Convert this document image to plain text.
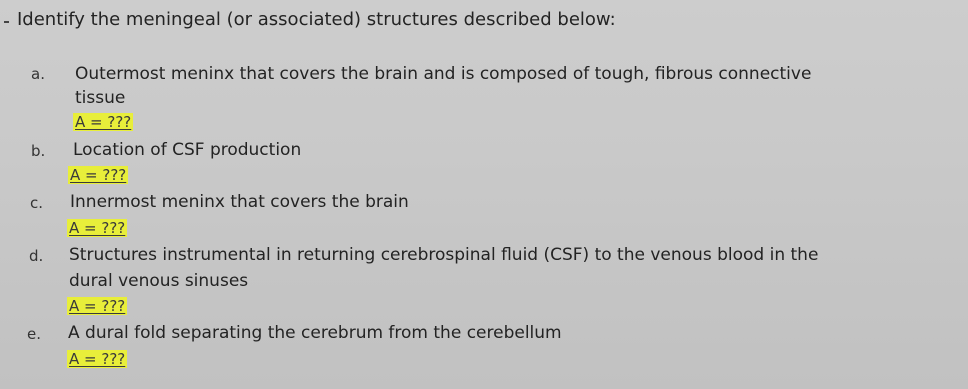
Identify the meningeal (or associated) structures described below:
a. Outermost meninx that covers the brain and is composed of tough, fibrous connective
tissue
A = ???
b. Location of CSF production
A = ???
c. Innermost meninx that covers the brain
A = ???
d. Structures instrumental in returning cerebrospinal fluid (CSF) to the venous blood in the
dural venous sinuses
A = ???
e. A dural fold separating the cerebrum from the cerebellum
A = ???
